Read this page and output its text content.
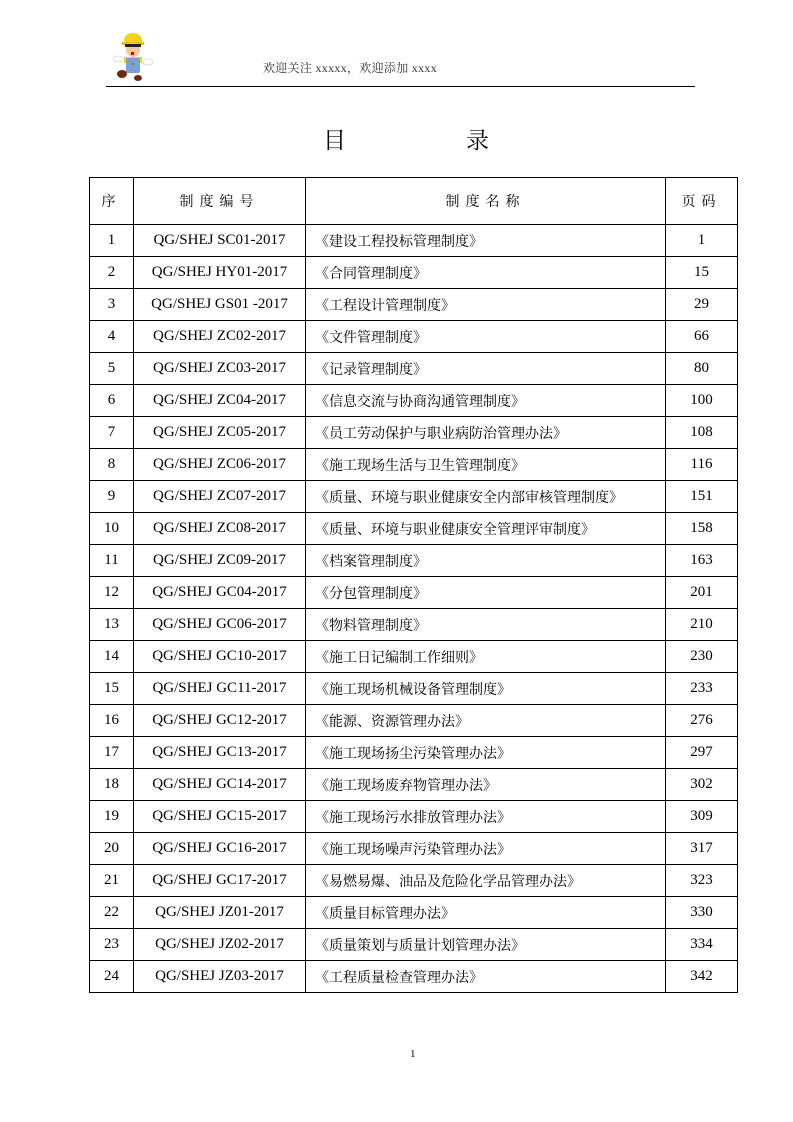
欢迎关注 xxxxx，欢迎添加 xxxx
目	录
序	制度编号	制度名称	页码
1	QG/SHEJ SC01-2017	《建设工程投标管理制度》	1
2	QG/SHEJ HY01-2017	《合同管理制度》	15
3	QG/SHEJ GS01 -2017	《工程设计管理制度》	29
4	QG/SHEJ ZC02-2017	《文件管理制度》	66
5	QG/SHEJ ZC03-2017	《记录管理制度》	80
6	QG/SHEJ ZC04-2017	《信息交流与协商沟通管理制度》	100
7	QG/SHEJ ZC05-2017	《员工劳动保护与职业病防治管理办法》	108
8	QG/SHEJ ZC06-2017	《施工现场生活与卫生管理制度》	116
9	QG/SHEJ ZC07-2017	《质量、环境与职业健康安全内部审核管理制度》	151
10	QG/SHEJ ZC08-2017	《质量、环境与职业健康安全管理评审制度》	158
11	QG/SHEJ ZC09-2017	《档案管理制度》	163
12	QG/SHEJ GC04-2017	《分包管理制度》	201
13	QG/SHEJ GC06-2017	《物料管理制度》	210
14	QG/SHEJ GC10-2017	《施工日记编制工作细则》	230
15	QG/SHEJ GC11-2017	《施工现场机械设备管理制度》	233
16	QG/SHEJ GC12-2017	《能源、资源管理办法》	276
17	QG/SHEJ GC13-2017	《施工现场扬尘污染管理办法》	297
18	QG/SHEJ GC14-2017	《施工现场废弃物管理办法》	302
19	QG/SHEJ GC15-2017	《施工现场污水排放管理办法》	309
20	QG/SHEJ GC16-2017	《施工现场噪声污染管理办法》	317
21	QG/SHEJ GC17-2017	《易燃易爆、油品及危险化学品管理办法》	323
22	QG/SHEJ JZ01-2017	《质量目标管理办法》	330
23	QG/SHEJ JZ02-2017	《质量策划与质量计划管理办法》	334
24	QG/SHEJ JZ03-2017	《工程质量检查管理办法》	342
1
